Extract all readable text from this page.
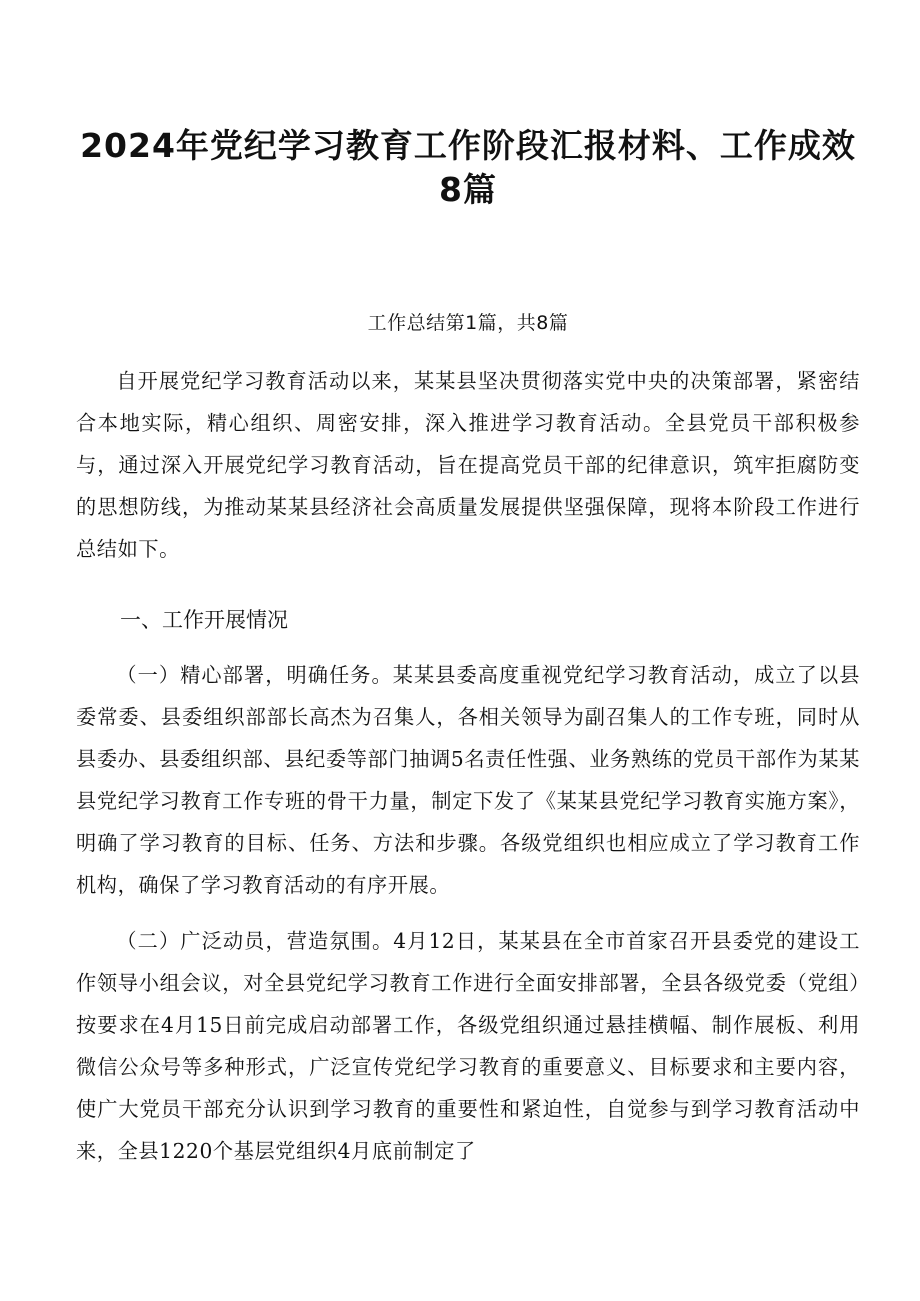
2024年党纪学习教育工作阶段汇报材料、工作成效
8篇
工作总结第1篇，共8篇

自开展党纪学习教育活动以来，某某县坚决贯彻落实党中央的决策部署，紧密结合本地实际，精心组织、周密安排，深入推进学习教育活动。全县党员干部积极参与，通过深入开展党纪学习教育活动，旨在提高党员干部的纪律意识，筑牢拒腐防变的思想防线，为推动某某县经济社会高质量发展提供坚强保障，现将本阶段工作进行总结如下。

一、工作开展情况

（一）精心部署，明确任务。某某县委高度重视党纪学习教育活动，成立了以县委常委、县委组织部部长高杰为召集人，各相关领导为副召集人的工作专班，同时从县委办、县委组织部、县纪委等部门抽调5名责任性强、业务熟练的党员干部作为某某县党纪学习教育工作专班的骨干力量，制定下发了《某某县党纪学习教育实施方案》，明确了学习教育的目标、任务、方法和步骤。各级党组织也相应成立了学习教育工作机构，确保了学习教育活动的有序开展。

（二）广泛动员，营造氛围。4月12日，某某县在全市首家召开县委党的建设工作领导小组会议，对全县党纪学习教育工作进行全面安排部署，全县各级党委（党组）按要求在4月15日前完成启动部署工作，各级党组织通过悬挂横幅、制作展板、利用微信公众号等多种形式，广泛宣传党纪学习教育的重要意义、目标要求和主要内容，使广大党员干部充分认识到学习教育的重要性和紧迫性，自觉参与到学习教育活动中来，全县1220个基层党组织4月底前制定了
